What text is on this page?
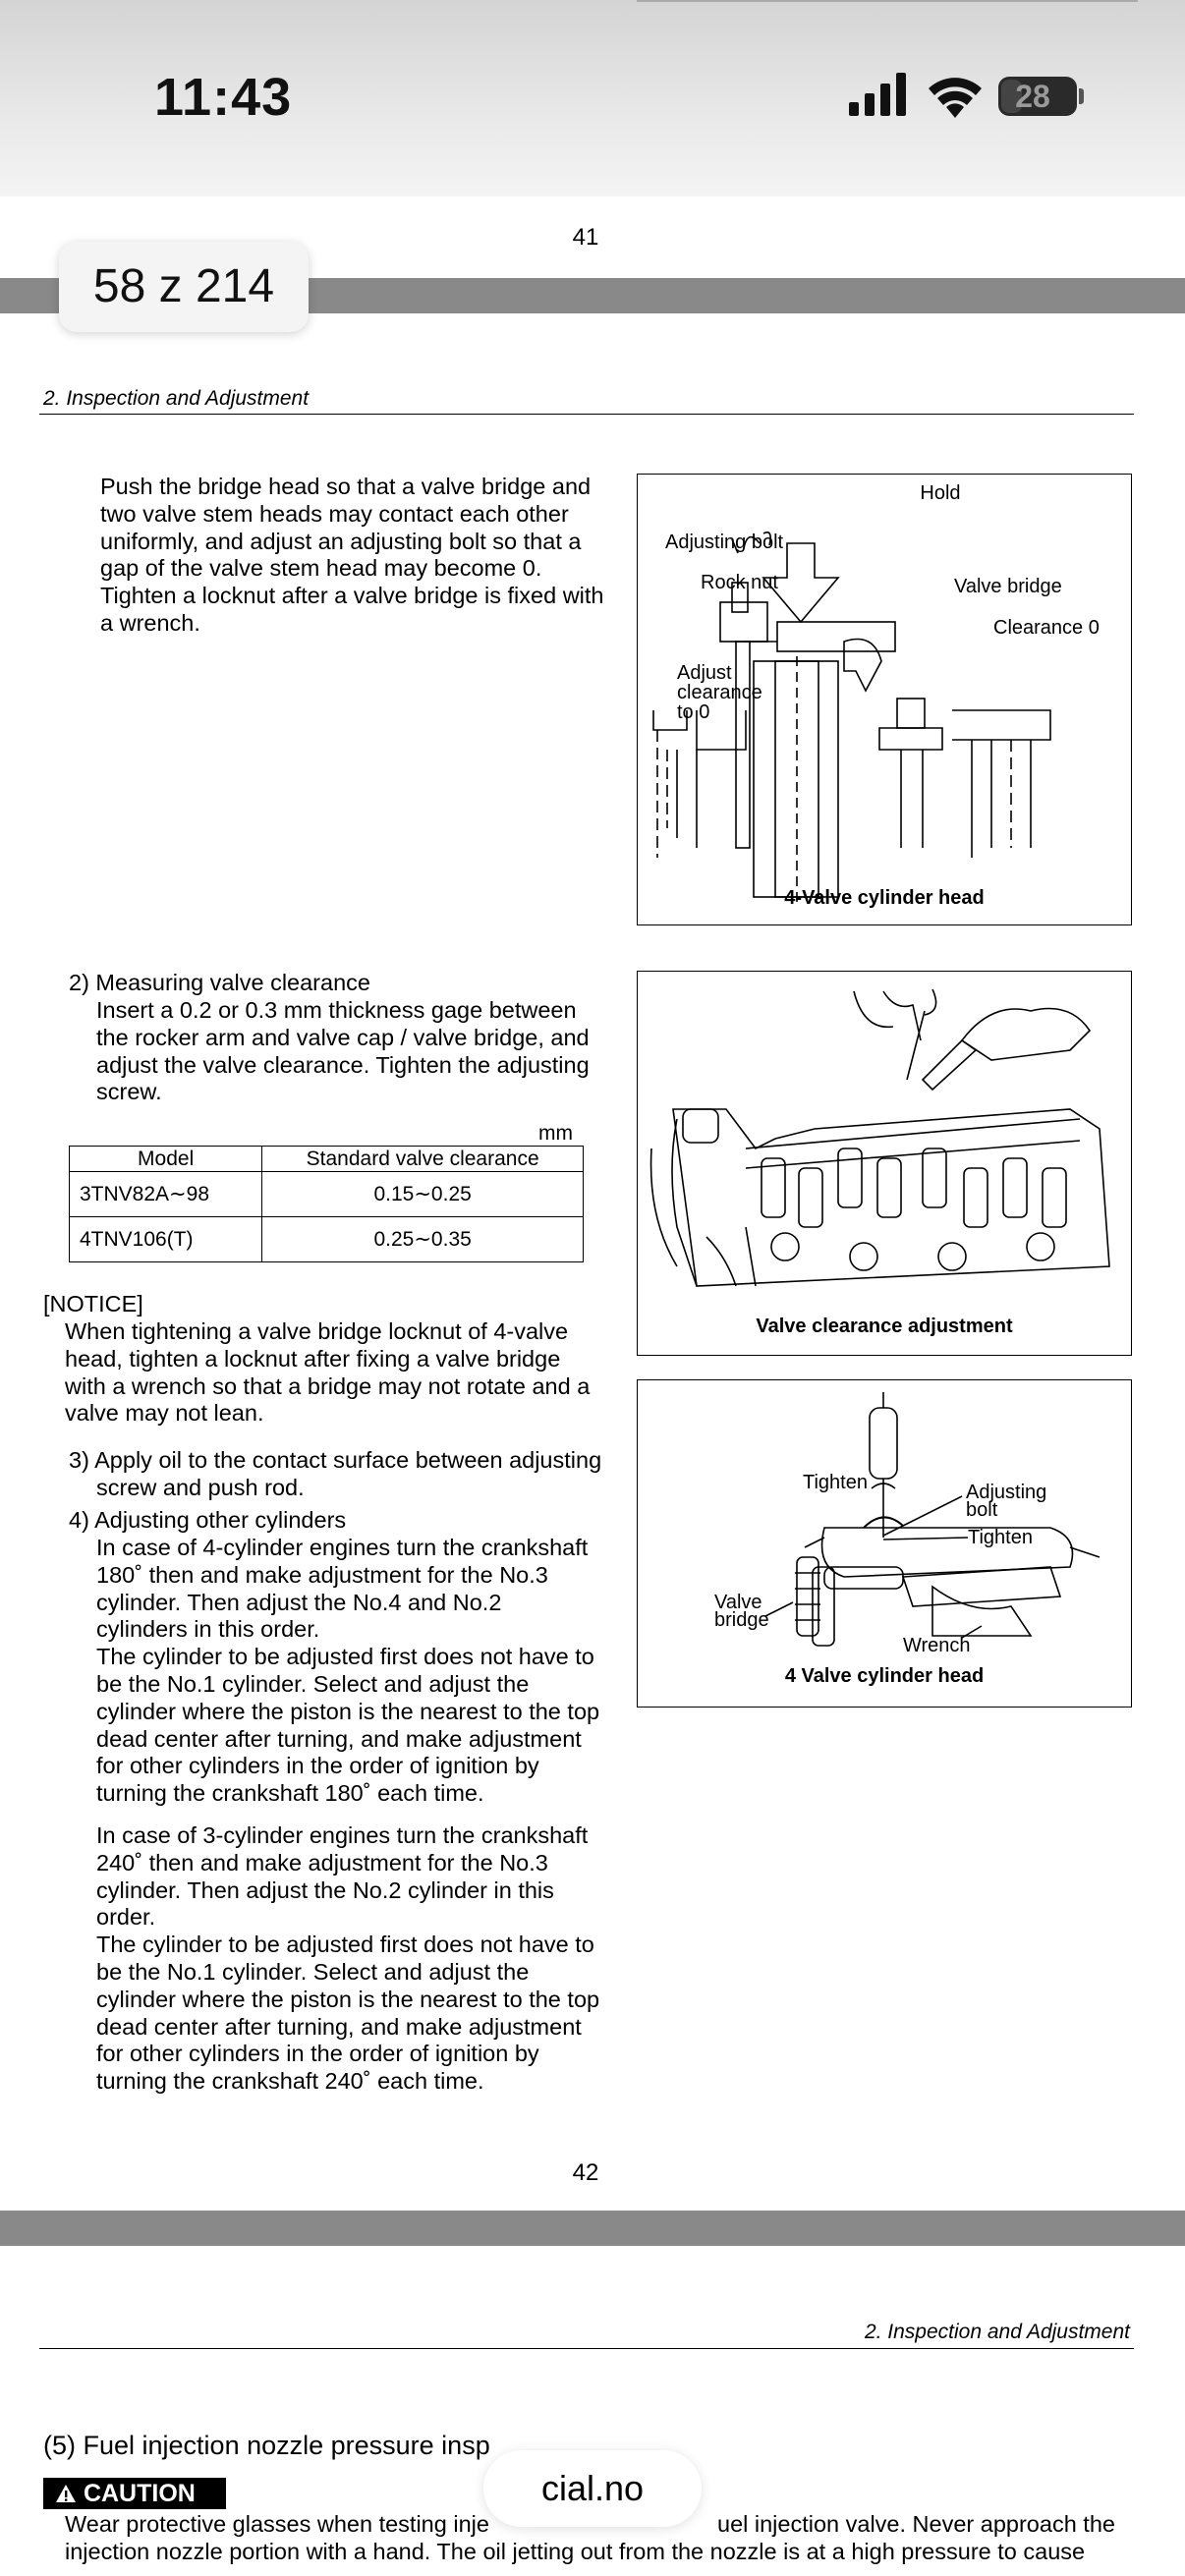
11:43	28
41
58 z 214
2. Inspection and Adjustment
Push the bridge head so that a valve bridge and
two valve stem heads may contact each other
uniformly, and adjust an adjusting bolt so that a
gap of the valve stem head may become 0.
Tighten a locknut after a valve bridge is fixed with
a wrench.
Hold
Adjusting bolt
Rock nut	Valve bridge
Clearance 0
Adjust
clearance
to 0
4-Valve cylinder head
2) Measuring valve clearance
Insert a 0.2 or 0.3 mm thickness gage between
the rocker arm and valve cap / valve bridge, and
adjust the valve clearance. Tighten the adjusting
screw.
mm
Model	Standard valve clearance
3TNV82A∼98	0.15∼0.25
4TNV106(T)	0.25∼0.35
Valve clearance adjustment
[NOTICE]
When tightening a valve bridge locknut of 4-valve
head, tighten a locknut after fixing a valve bridge
with a wrench so that a bridge may not rotate and a
valve may not lean.
3) Apply oil to the contact surface between adjusting
screw and push rod.	Tighten	Adjusting
bolt
Tighten
Valve
bridge
Wrench
4 Valve cylinder head
4) Adjusting other cylinders
In case of 4-cylinder engines turn the crankshaft
180˚ then and make adjustment for the No.3
cylinder. Then adjust the No.4 and No.2
cylinders in this order.
The cylinder to be adjusted first does not have to
be the No.1 cylinder. Select and adjust the
cylinder where the piston is the nearest to the top
dead center after turning, and make adjustment
for other cylinders in the order of ignition by
turning the crankshaft 180˚ each time.
In case of 3-cylinder engines turn the crankshaft
240˚ then and make adjustment for the No.3
cylinder. Then adjust the No.2 cylinder in this
order.
The cylinder to be adjusted first does not have to
be the No.1 cylinder. Select and adjust the
cylinder where the piston is the nearest to the top
dead center after turning, and make adjustment
for other cylinders in the order of ignition by
turning the crankshaft 240˚ each time.
42
2. Inspection and Adjustment
(5) Fuel injection nozzle pressure insp
CAUTION
Wear protective glasses when testing inje	uel injection valve. Never approach the
injection nozzle portion with a hand. The oil jetting out from the nozzle is at a high pressure to cause
cial.no
